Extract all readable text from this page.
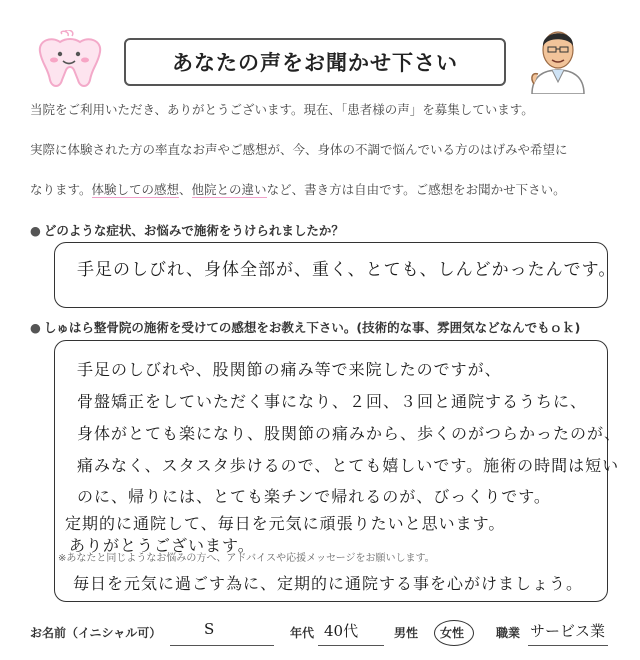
あなたの声をお聞かせ下さい
当院をご利用いただき、ありがとうございます。現在、「患者様の声」を募集しています。
実際に体験された方の率直なお声やご感想が、今、身体の不調で悩んでいる方のはげみや希望に
なります。体験しての感想、他院との違いなど、書き方は自由です。ご感想をお聞かせ下さい。
● どのような症状、お悩みで施術をうけられましたか？
手足のしびれ、身体全部が、重く、とても、しんどかったんです。
● しゅはら整骨院の施術を受けての感想をお教え下さい。(技術的な事、雰囲気などなんでもｏｋ)
手足のしびれや、股関節の痛み等で来院したのですが、
骨盤矯正をしていただく事になり、２回、３回と通院するうちに、
身体がとても楽になり、股関節の痛みから、歩くのがつらかったのが、
痛みなく、スタスタ歩けるので、とても嬉しいです。施術の時間は短い
のに、帰りには、とても楽チンで帰れるのが、びっくりです。
定期的に通院して、毎日を元気に頑張りたいと思います。
ありがとうございます。
毎日を元気に過ごす為に、定期的に通院する事を心がけましょう。
※あなたと同じようなお悩みの方へ、アドバイスや応援メッセージをお願いします。
お名前（イニシャル可）	S	年代 40代	男性 女性	職業 サービス業
